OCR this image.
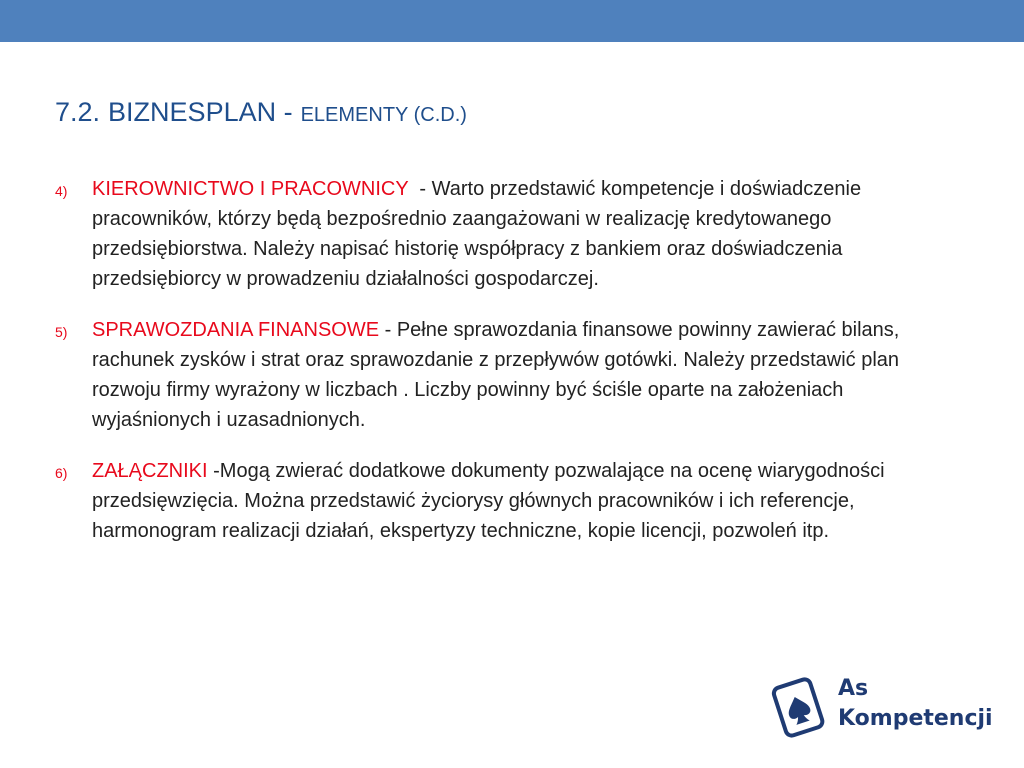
7.2. BIZNESPLAN - ELEMENTY (C.D.)
4) KIEROWNICTWO I PRACOWNICY  - Warto przedstawić kompetencje i doświadczenie pracowników, którzy będą bezpośrednio zaangażowani w realizację kredytowanego przedsiębiorstwa. Należy napisać historię współpracy z bankiem oraz doświadczenia przedsiębiorcy w prowadzeniu działalności gospodarczej.
5) SPRAWOZDANIA FINANSOWE - Pełne sprawozdania finansowe powinny zawierać bilans, rachunek zysków i strat oraz sprawozdanie z przepływów gotówki. Należy przedstawić plan rozwoju firmy wyrażony w liczbach . Liczby powinny być ściśle oparte na założeniach wyjaśnionych i uzasadnionych.
6) ZAŁĄCZNIKI -Mogą zwierać dodatkowe dokumenty pozwalające na ocenę wiarygodności przedsięwzięcia. Można przedstawić życiorysy głównych pracowników i ich referencje, harmonogram realizacji działań, ekspertyzy techniczne, kopie licencji, pozwoleń itp.
As
Kompetencji
